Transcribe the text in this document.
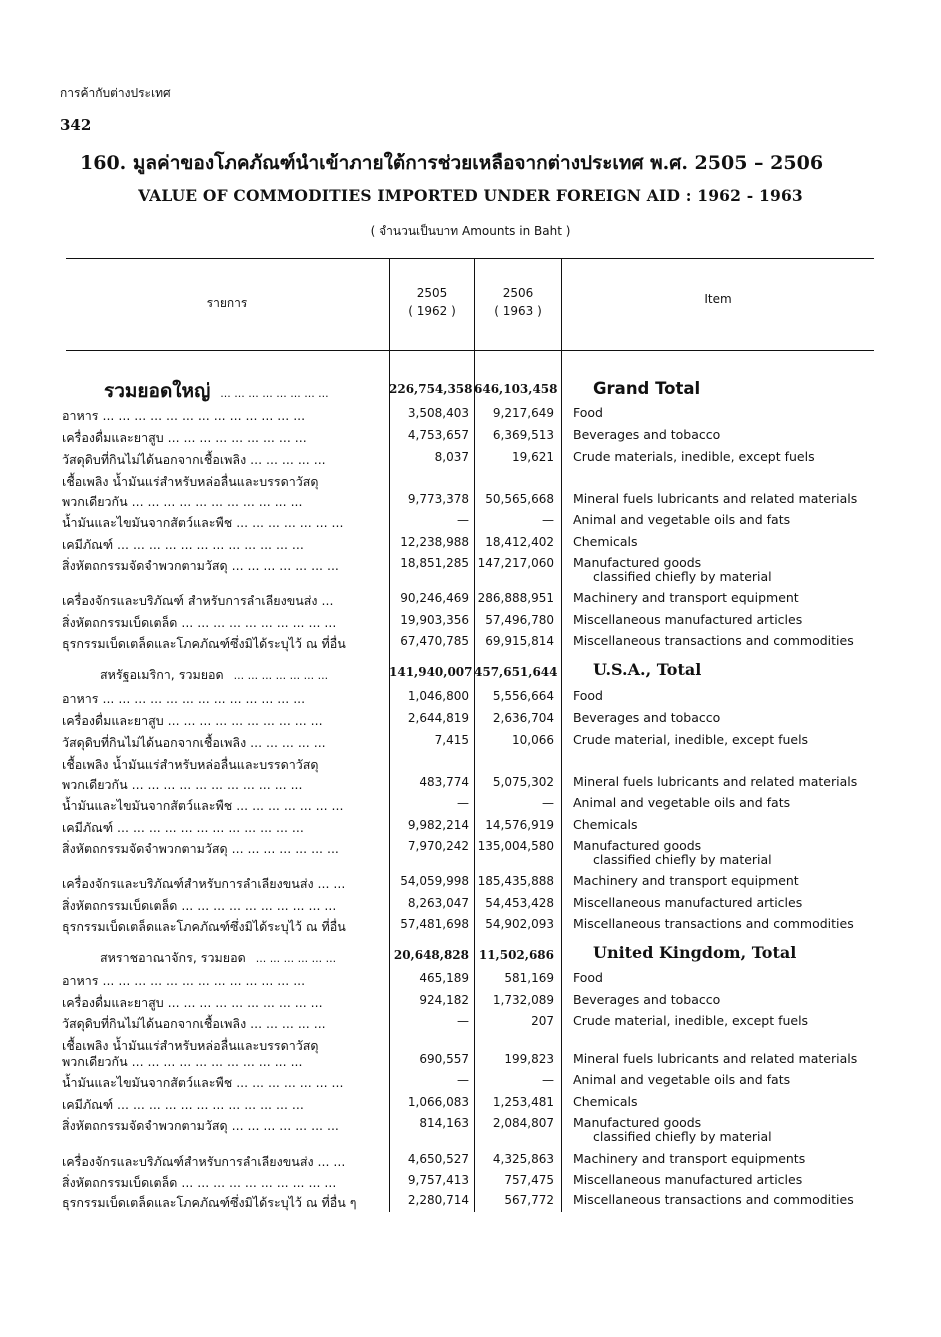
การค้ากับต่างประเทศ
342
160. มูลค่าของโภคภัณฑ์นำเข้าภายใต้การช่วยเหลือจากต่างประเทศ พ.ศ. 2505 – 2506
VALUE OF COMMODITIES IMPORTED UNDER FOREIGN AID : 1962 - 1963
( จำนวนเป็นบาท Amounts in Baht )
รายการ
2505
( 1962 )
2506
( 1963 )
Item
รวมยอดใหญ่ ... ... ... ... ... ... ... ...	226,754,358 646,103,458 Grand Total
อาหาร ... ... ... ... ... ... ... ... ... ... ... ... ...	3,508,403	9,217,649 Food
เครื่องดื่มและยาสูบ ... ... ... ... ... ... ... ... ...	4,753,657	6,369,513 Beverages and tobacco
วัสดุดิบที่กินไม่ได้นอกจากเชื้อเพลิง ... ... ... ... ...	8,037	19,621 Crude materials, inedible, except fuels
เชื้อเพลิง น้ำมันแร่สำหรับหล่อลื่นและบรรดาวัสดุ
พวกเดียวกัน ... ... ... ... ... ... ... ... ... ... ...	9,773,378	50,565,668 Mineral fuels lubricants and related materials
น้ำมันและไขมันจากสัตว์และพืช ... ... ... ... ... ... ...	—	— Animal and vegetable oils and fats
เคมีภัณฑ์ ... ... ... ... ... ... ... ... ... ... ... ...	12,238,988	18,412,402 Chemicals
สิ่งหัตถกรรมจัดจำพวกตามวัสดุ ... ... ... ... ... ... ...	18,851,285 147,217,060 Manufactured goods
classified chiefly by material
เครื่องจักรและบริภัณฑ์ สำหรับการลำเลียงขนส่ง ...	90,246,469 286,888,951 Machinery and transport equipment
สิ่งหัตถกรรมเบ็ดเตล็ด ... ... ... ... ... ... ... ... ... ...	19,903,356	57,496,780 Miscellaneous manufactured articles
ธุรกรรมเบ็ดเตล็ดและโภคภัณฑ์ซึ่งมิได้ระบุไว้ ณ ที่อื่น	67,470,785	69,915,814 Miscellaneous transactions and commodities
สหรัฐอเมริกา, รวมยอด ... ... ... ... ... ... ...	141,940,007 457,651,644 U.S.A., Total
อาหาร ... ... ... ... ... ... ... ... ... ... ... ... ...	1,046,800	5,556,664 Food
เครื่องดื่มและยาสูบ ... ... ... ... ... ... ... ... ... ...	2,644,819	2,636,704 Beverages and tobacco
วัสดุดิบที่กินไม่ได้นอกจากเชื้อเพลิง ... ... ... ... ...	7,415	10,066 Crude material, inedible, except fuels
เชื้อเพลิง น้ำมันแร่สำหรับหล่อลื่นและบรรดาวัสดุ
พวกเดียวกัน ... ... ... ... ... ... ... ... ... ... ...	483,774	5,075,302 Mineral fuels lubricants and related materials
น้ำมันและไขมันจากสัตว์และพืช ... ... ... ... ... ... ...	—	— Animal and vegetable oils and fats
เคมีภัณฑ์ ... ... ... ... ... ... ... ... ... ... ... ...	9,982,214	14,576,919 Chemicals
สิ่งหัตถกรรมจัดจำพวกตามวัสดุ ... ... ... ... ... ... ...	7,970,242 135,004,580 Manufactured goods
classified chiefly by material
เครื่องจักรและบริภัณฑ์สำหรับการลำเลียงขนส่ง ... ...	54,059,998 185,435,888 Machinery and transport equipment
สิ่งหัตถกรรมเบ็ดเตล็ด ... ... ... ... ... ... ... ... ... ...	8,263,047	54,453,428 Miscellaneous manufactured articles
ธุรกรรมเบ็ดเตล็ดและโภคภัณฑ์ซึ่งมิได้ระบุไว้ ณ ที่อื่น	57,481,698	54,902,093 Miscellaneous transactions and commodities
สหราชอาณาจักร, รวมยอด ... ... ... ... ... ...	20,648,828 11,502,686 United Kingdom, Total
อาหาร ... ... ... ... ... ... ... ... ... ... ... ... ...	465,189	581,169 Food
เครื่องดื่มและยาสูบ ... ... ... ... ... ... ... ... ... ...	924,182	1,732,089 Beverages and tobacco
วัสดุดิบที่กินไม่ได้นอกจากเชื้อเพลิง ... ... ... ... ...	—	207 Crude material, inedible, except fuels
เชื้อเพลิง น้ำมันแร่สำหรับหล่อลื่นและบรรดาวัสดุ
พวกเดียวกัน ... ... ... ... ... ... ... ... ... ... ...	690,557	199,823 Mineral fuels lubricants and related materials
น้ำมันและไขมันจากสัตว์และพืช ... ... ... ... ... ... ...	—	— Animal and vegetable oils and fats
เคมีภัณฑ์ ... ... ... ... ... ... ... ... ... ... ... ...	1,066,083	1,253,481 Chemicals
สิ่งหัตถกรรมจัดจำพวกตามวัสดุ ... ... ... ... ... ... ...	814,163	2,084,807 Manufactured goods
classified chiefly by material
เครื่องจักรและบริภัณฑ์สำหรับการลำเลียงขนส่ง ... ...	4,650,527	4,325,863 Machinery and transport equipments
สิ่งหัตถกรรมเบ็ดเตล็ด ... ... ... ... ... ... ... ... ... ...	9,757,413	757,475 Miscellaneous manufactured articles
ธุรกรรมเบ็ดเตล็ดและโภคภัณฑ์ซึ่งมิได้ระบุไว้ ณ ที่อื่น ๆ	2,280,714	567,772 Miscellaneous transactions and commodities
